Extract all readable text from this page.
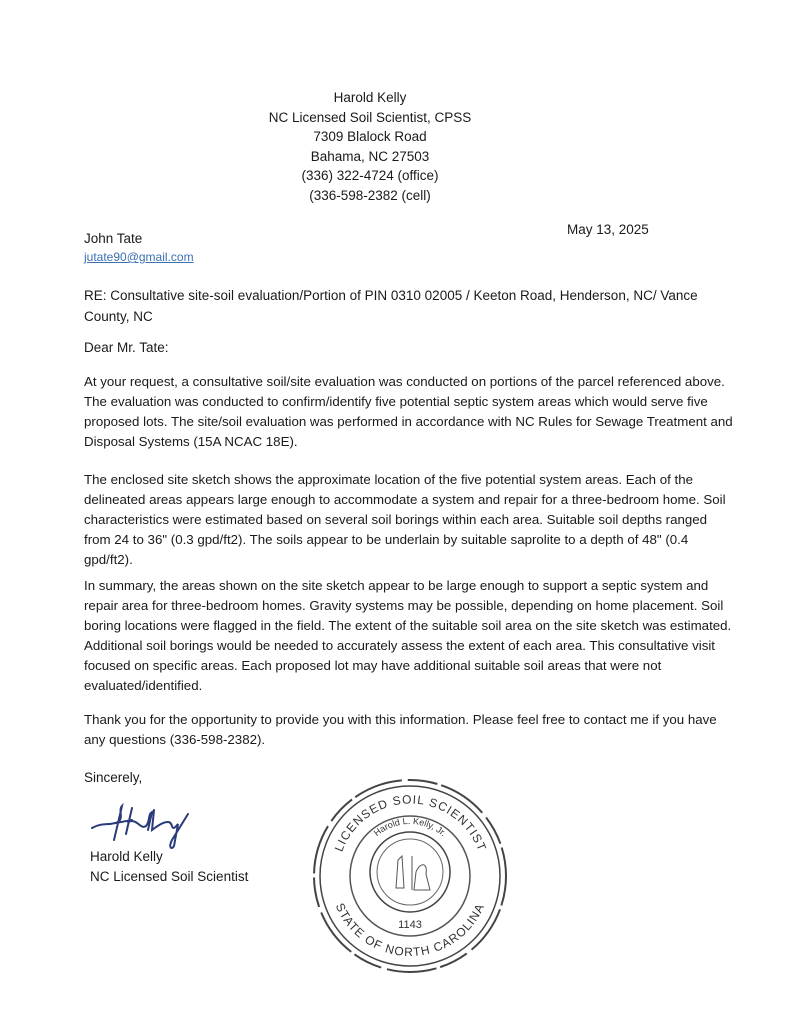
Harold Kelly
NC Licensed Soil Scientist, CPSS
7309 Blalock Road
Bahama, NC 27503
(336) 322-4724 (office)
(336-598-2382 (cell)
May 13, 2025
John Tate
jutate90@gmail.com
RE: Consultative site-soil evaluation/Portion of PIN 0310 02005 / Keeton Road, Henderson, NC/ Vance County, NC
Dear Mr. Tate:
At your request, a consultative soil/site evaluation was conducted on portions of the parcel referenced above. The evaluation was conducted to confirm/identify five potential septic system areas which would serve five proposed lots. The site/soil evaluation was performed in accordance with NC Rules for Sewage Treatment and Disposal Systems (15A NCAC 18E).
The enclosed site sketch shows the approximate location of the five potential system areas. Each of the delineated areas appears large enough to accommodate a system and repair for a three-bedroom home. Soil characteristics were estimated based on several soil borings within each area. Suitable soil depths ranged from 24 to 36" (0.3 gpd/ft2). The soils appear to be underlain by suitable saprolite to a depth of 48" (0.4 gpd/ft2).
In summary, the areas shown on the site sketch appear to be large enough to support a septic system and repair area for three-bedroom homes. Gravity systems may be possible, depending on home placement. Soil boring locations were flagged in the field. The extent of the suitable soil area on the site sketch was estimated. Additional soil borings would be needed to accurately assess the extent of each area. This consultative visit focused on specific areas. Each proposed lot may have additional suitable soil areas that were not evaluated/identified.
Thank you for the opportunity to provide you with this information. Please feel free to contact me if you have any questions (336-598-2382).
Sincerely,
Harold Kelly
NC Licensed Soil Scientist
LICENSED SOIL SCIENTIST
Harold L. Kelly, Jr.
1143
STATE OF NORTH CAROLINA
